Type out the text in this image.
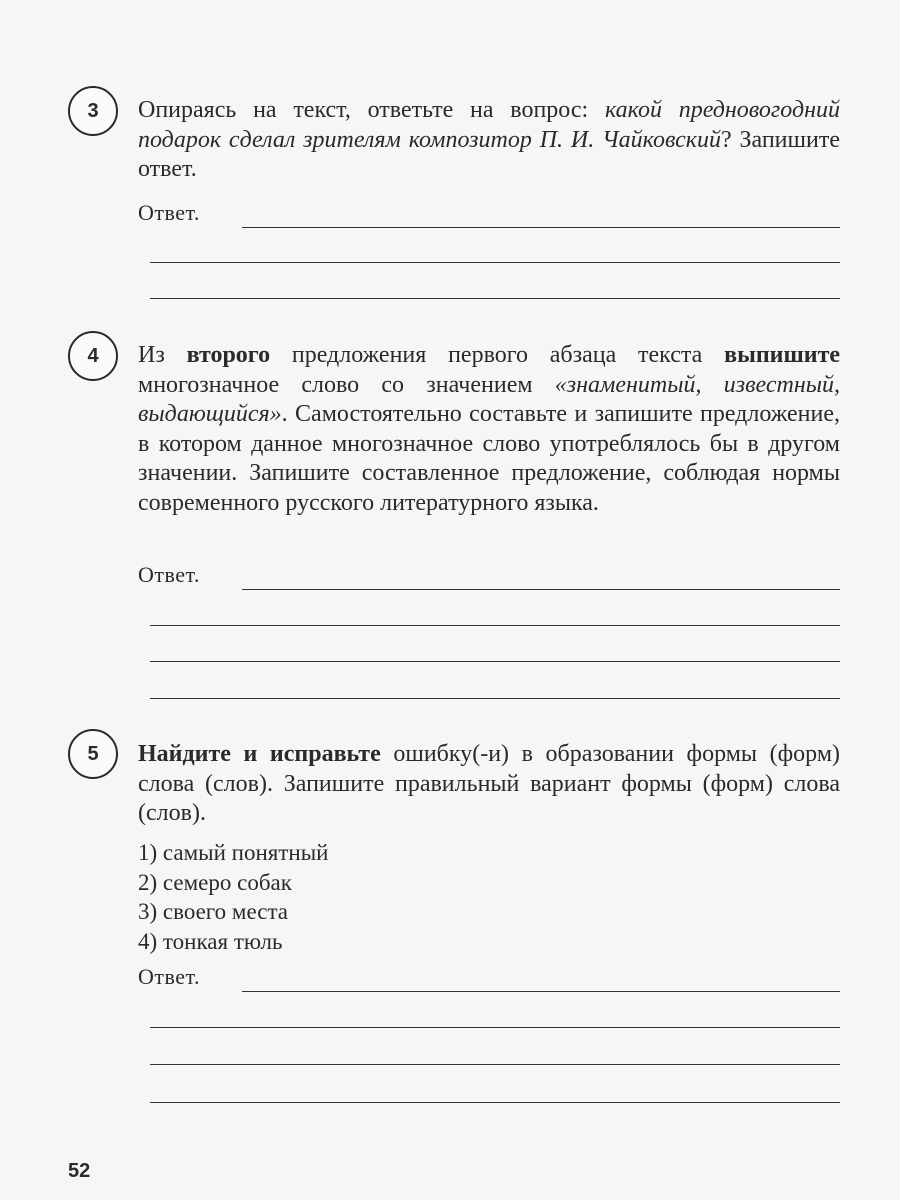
3	Опираясь на текст, ответьте на вопрос: какой предновогодний подарок сделал зрителям композитор П. И. Чайковский? Запишите ответ.

Ответ.
4	Из второго предложения первого абзаца текста выпишите многозначное слово со значением «знаменитый, известный, выдающийся». Самостоятельно составьте и запишите предложение, в котором данное многозначное слово употреблялось бы в другом значении. Запишите составленное предложение, соблюдая нормы современного русского литературного языка.

Ответ.
5	Найдите и исправьте ошибку(-и) в образовании формы (форм) слова (слов). Запишите правильный вариант формы (форм) слова (слов).

1) самый понятный
2) семеро собак
3) своего места
4) тонкая тюль
Ответ.
52
